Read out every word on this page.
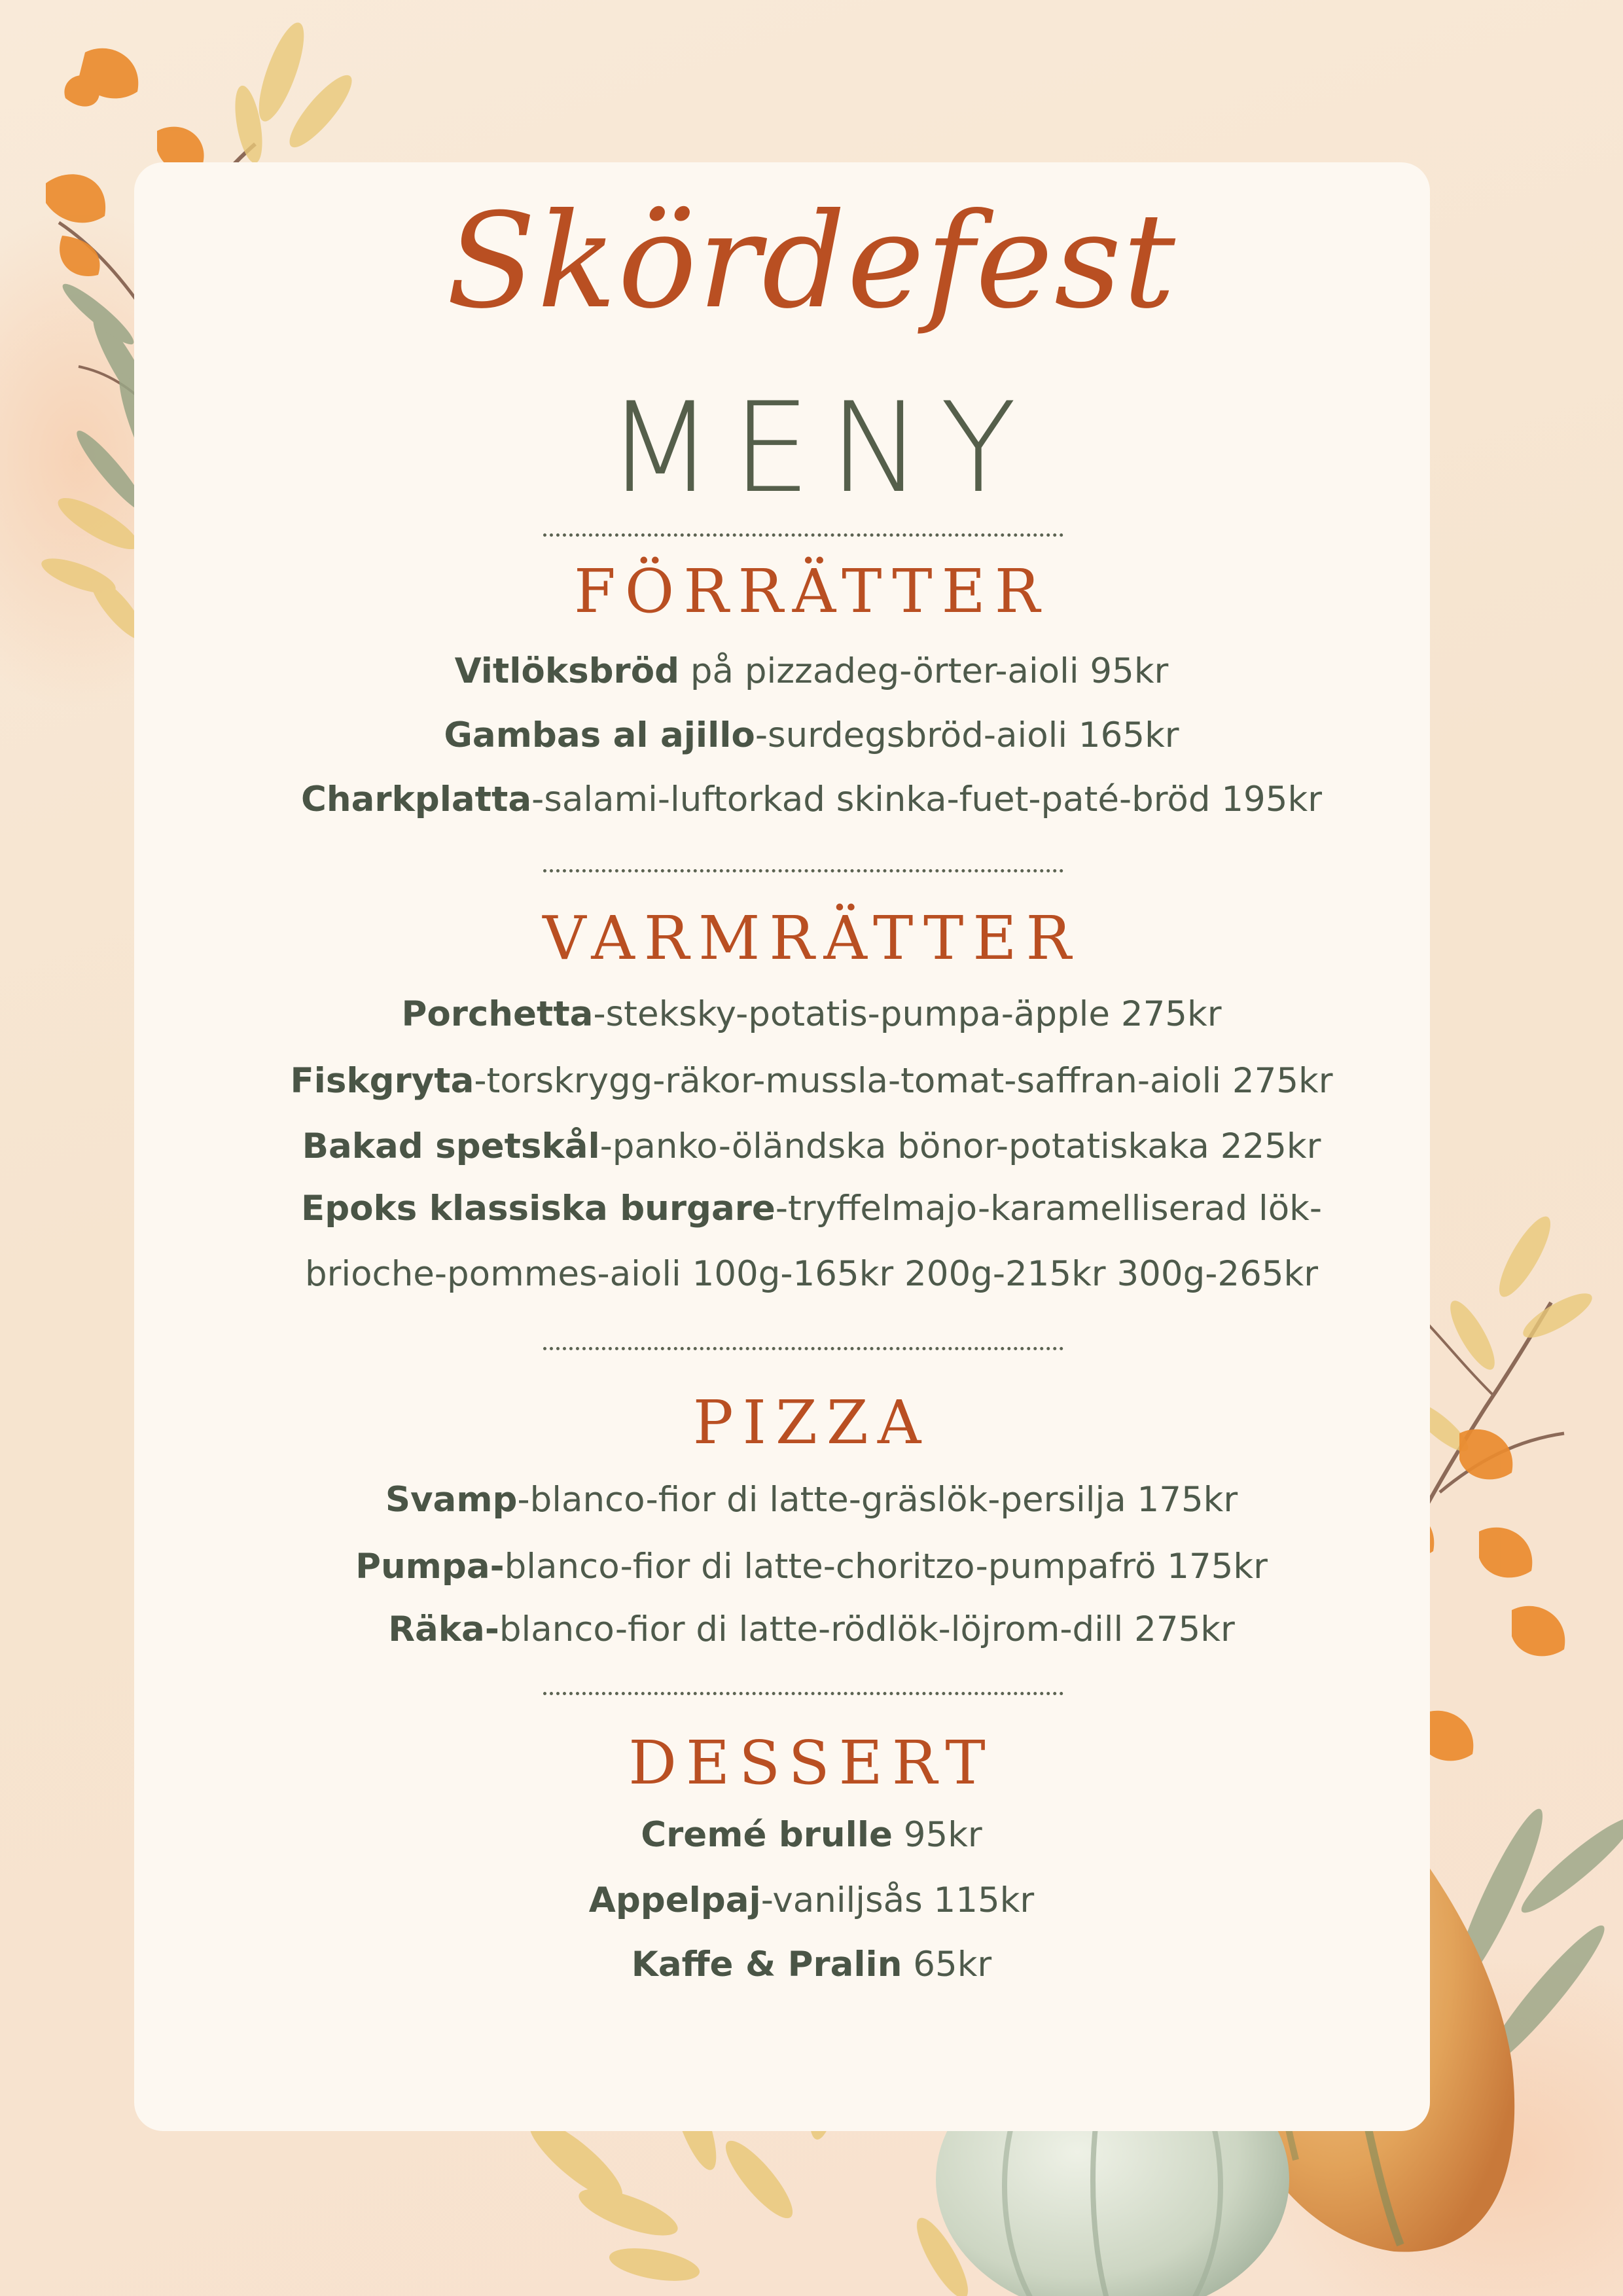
Skördefest
MENY
FÖRRÄTTER
Vitlöksbröd på pizzadeg-örter-aioli 95kr
Gambas al ajillo-surdegsbröd-aioli 165kr
Charkplatta-salami-luftorkad skinka-fuet-paté-bröd 195kr
VARMRÄTTER
Porchetta-steksky-potatis-pumpa-äpple 275kr
Fiskgryta-torskrygg-räkor-mussla-tomat-saffran-aioli 275kr
Bakad spetskål-panko-öländska bönor-potatiskaka 225kr
Epoks klassiska burgare-tryffelmajo-karamelliserad lök-
brioche-pommes-aioli 100g-165kr 200g-215kr 300g-265kr
PIZZA
Svamp-blanco-fior di latte-gräslök-persilja 175kr
Pumpa-blanco-fior di latte-choritzo-pumpafrö 175kr
Räka-blanco-fior di latte-rödlök-löjrom-dill 275kr
DESSERT
Cremé brulle 95kr
Appelpaj-vaniljsås 115kr
Kaffe & Pralin 65kr
